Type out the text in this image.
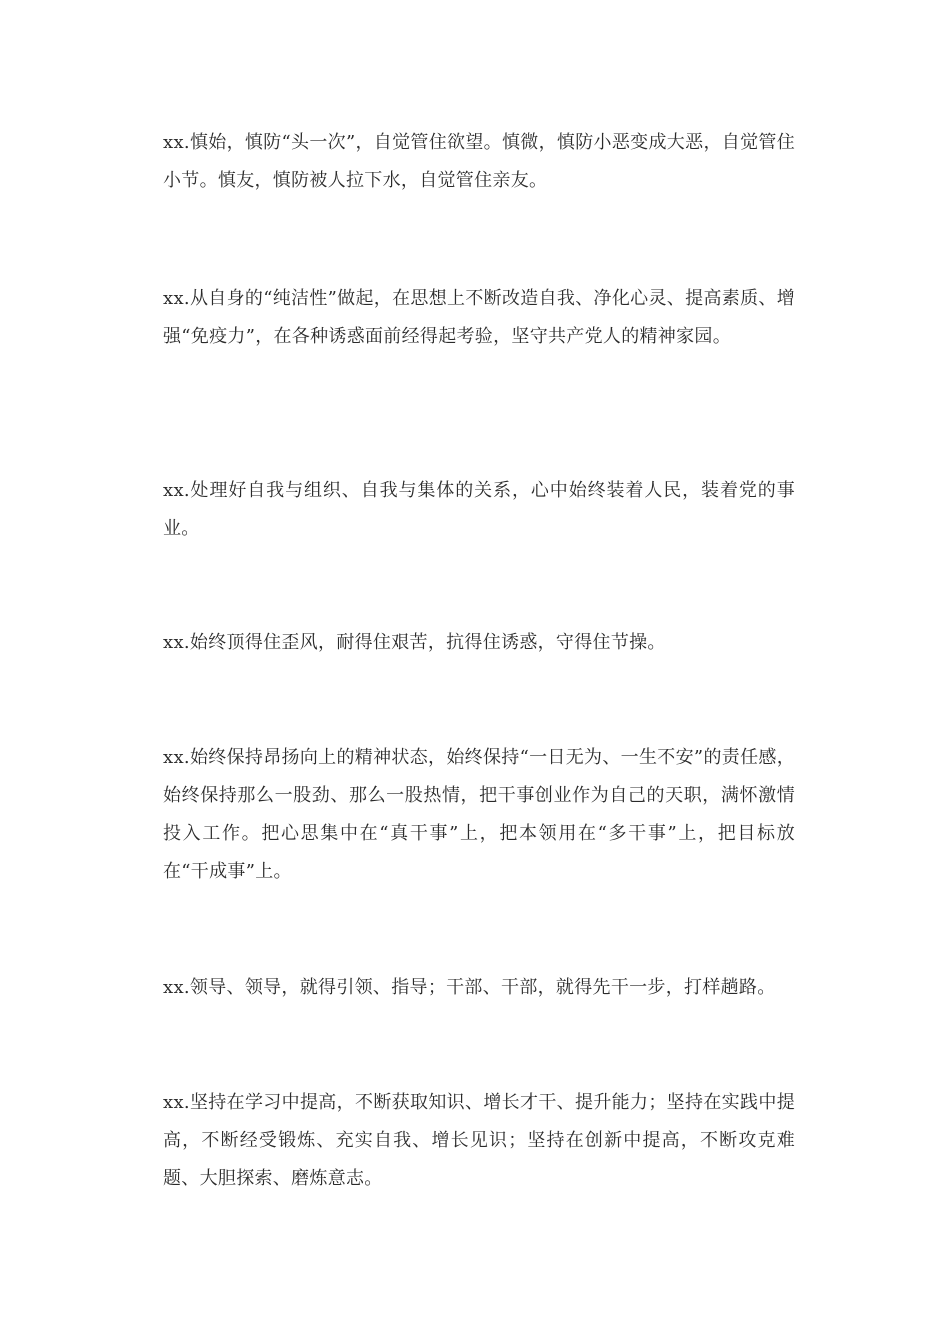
xx.慎始，慎防“头一次”，自觉管住欲望。慎微，慎防小恶变成大恶，自觉管住小节。慎友，慎防被人拉下水，自觉管住亲友。

xx.从自身的“纯洁性”做起，在思想上不断改造自我、净化心灵、提高素质、增强“免疫力”，在各种诱惑面前经得起考验，坚守共产党人的精神家园。

xx.处理好自我与组织、自我与集体的关系，心中始终装着人民，装着党的事业。

xx.始终顶得住歪风，耐得住艰苦，抗得住诱惑，守得住节操。

xx.始终保持昂扬向上的精神状态，始终保持“一日无为、一生不安”的责任感，始终保持那么一股劲、那么一股热情，把干事创业作为自己的天职，满怀激情投入工作。把心思集中在“真干事”上，把本领用在“多干事”上，把目标放在“干成事”上。

xx.领导、领导，就得引领、指导；干部、干部，就得先干一步，打样趟路。

xx.坚持在学习中提高，不断获取知识、增长才干、提升能力；坚持在实践中提高，不断经受锻炼、充实自我、增长见识；坚持在创新中提高，不断攻克难题、大胆探索、磨炼意志。
